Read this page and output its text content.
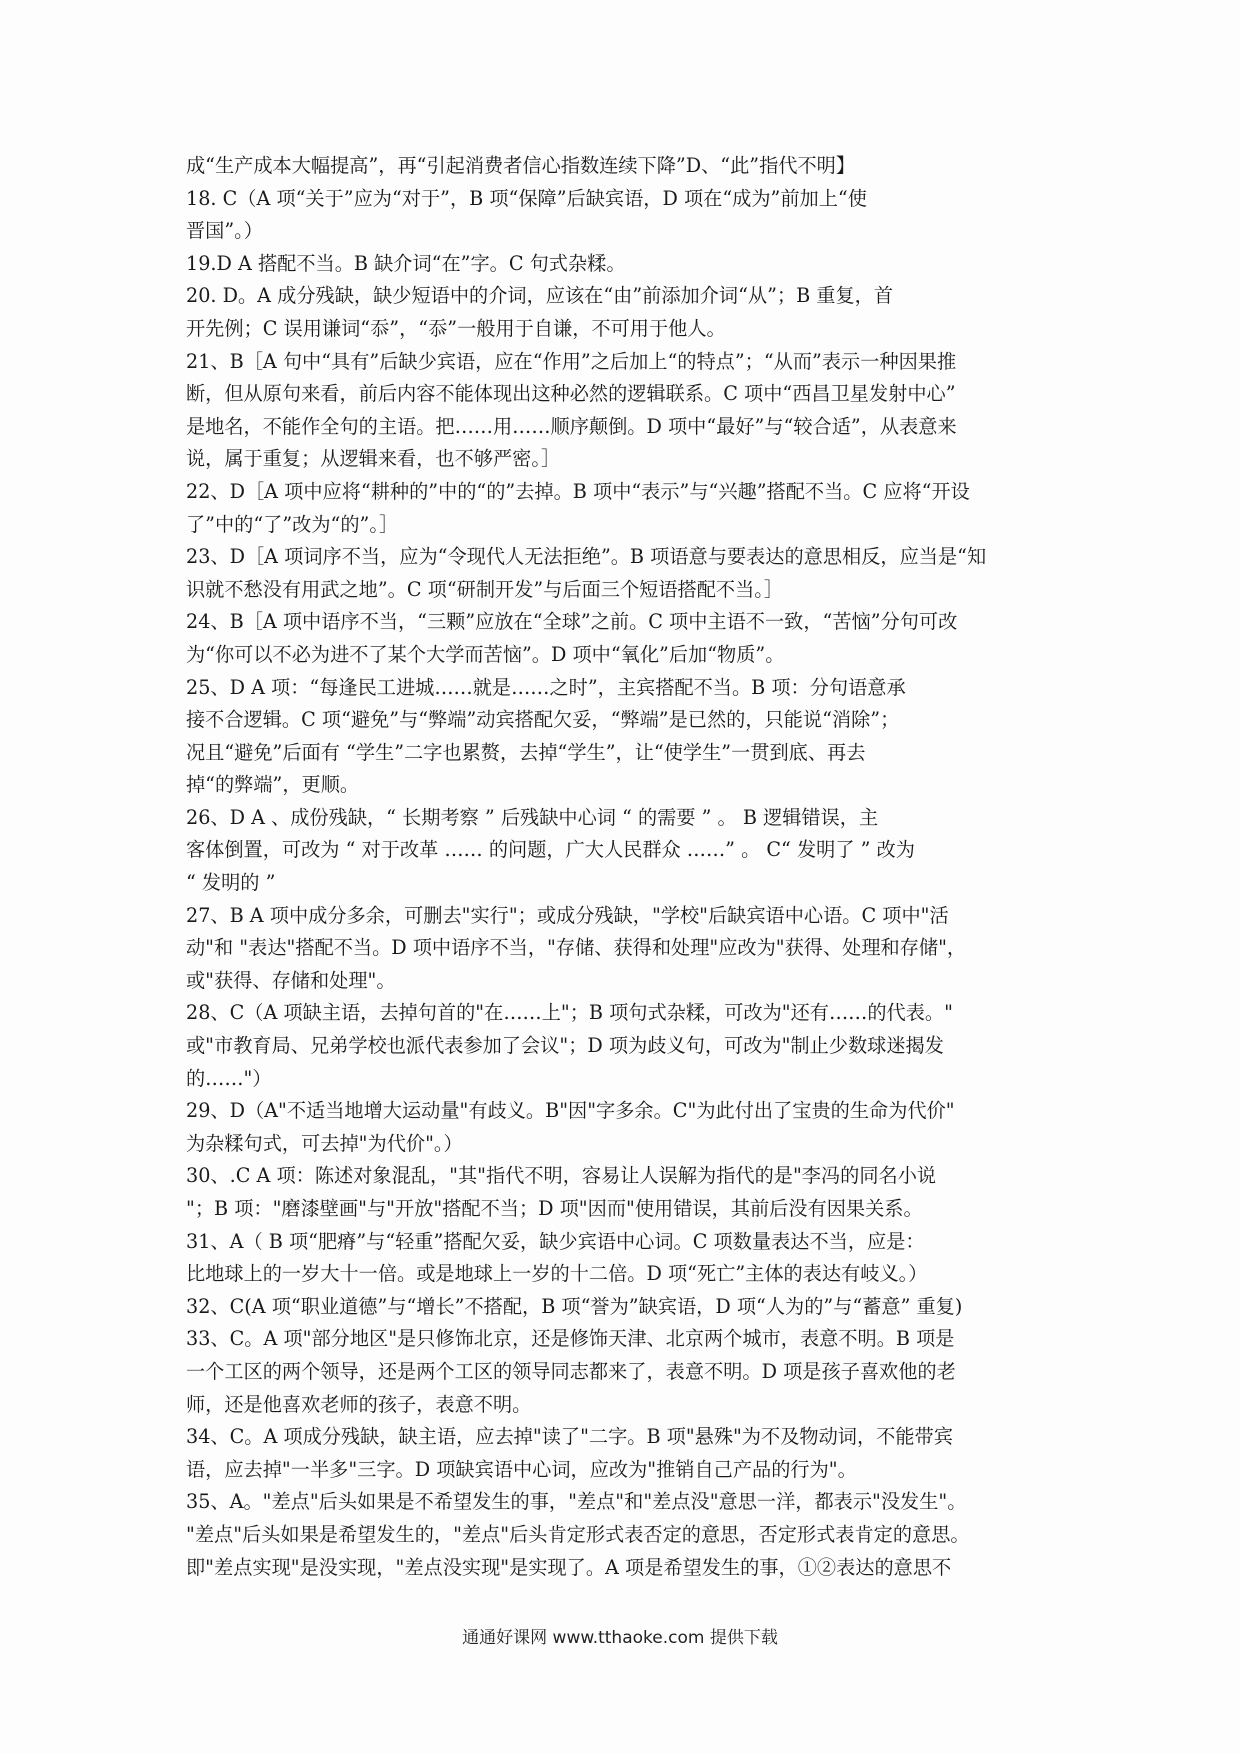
成“生产成本大幅提高”，再“引起消费者信心指数连续下降”D、“此”指代不明】
18. C（A 项“关于”应为“对于”，B 项“保障”后缺宾语，D 项在“成为”前加上“使
晋国”。）
19.D A 搭配不当。B 缺介词“在”字。C 句式杂糅。
20. D。A 成分残缺，缺少短语中的介词，应该在“由”前添加介词“从”；B 重复，首
开先例；C 误用谦词“忝”，“忝”一般用于自谦，不可用于他人。
21、B［A 句中“具有”后缺少宾语，应在“作用”之后加上“的特点”；“从而”表示一种因果推
断，但从原句来看，前后内容不能体现出这种必然的逻辑联系。C 项中“西昌卫星发射中心”
是地名，不能作全句的主语。把……用……顺序颠倒。D 项中“最好”与“较合适”，从表意来
说，属于重复；从逻辑来看，也不够严密。］
22、D［A 项中应将“耕种的”中的“的”去掉。B 项中“表示”与“兴趣”搭配不当。C 应将“开设
了”中的“了”改为“的”。］
23、D［A 项词序不当，应为“令现代人无法拒绝”。B 项语意与要表达的意思相反，应当是“知
识就不愁没有用武之地”。C 项“研制开发”与后面三个短语搭配不当。］
24、B［A 项中语序不当，“三颗”应放在“全球”之前。C 项中主语不一致，“苦恼”分句可改
为“你可以不必为进不了某个大学而苦恼”。D 项中“氧化”后加“物质”。
25、D A 项：“每逢民工进城……就是……之时”，主宾搭配不当。B 项：分句语意承
接不合逻辑。C 项“避免”与“弊端”动宾搭配欠妥，“弊端”是已然的，只能说“消除”；
况且“避免”后面有 “学生”二字也累赘，去掉“学生”，让“使学生”一贯到底、再去
掉“的弊端”，更顺。
26、D A 、成份残缺，“ 长期考察 ” 后残缺中心词 “ 的需要 ” 。 B 逻辑错误，主
客体倒置，可改为 “ 对于改革 …… 的问题，广大人民群众 ……” 。 C“ 发明了 ” 改为
“ 发明的 ”
27、B A 项中成分多余，可删去"实行"；或成分残缺，"学校"后缺宾语中心语。C 项中"活
动"和 "表达"搭配不当。D 项中语序不当，"存储、获得和处理"应改为"获得、处理和存储"，
或"获得、存储和处理"。
28、C（A 项缺主语，去掉句首的"在……上"；B 项句式杂糅，可改为"还有……的代表。"
或"市教育局、兄弟学校也派代表参加了会议"；D 项为歧义句，可改为"制止少数球迷揭发
的……"）
29、D（A"不适当地增大运动量"有歧义。B"因"字多余。C"为此付出了宝贵的生命为代价"
为杂糅句式，可去掉"为代价"。）
30、.C A 项：陈述对象混乱，"其"指代不明，容易让人误解为指代的是"李冯的同名小说
"；B 项："磨漆壁画"与"开放"搭配不当；D 项"因而"使用错误，其前后没有因果关系。
31、A（ B 项“肥瘠”与“轻重”搭配欠妥，缺少宾语中心词。C 项数量表达不当，应是：
比地球上的一岁大十一倍。或是地球上一岁的十二倍。D 项“死亡”主体的表达有岐义。）
32、C(A 项“职业道德”与“增长”不搭配，B 项“誉为”缺宾语，D 项“人为的”与“蓄意” 重复)
33、C。A 项"部分地区"是只修饰北京，还是修饰天津、北京两个城市，表意不明。B 项是
一个工区的两个领导，还是两个工区的领导同志都来了，表意不明。D 项是孩子喜欢他的老
师，还是他喜欢老师的孩子，表意不明。
34、C。A 项成分残缺，缺主语，应去掉"读了"二字。B 项"悬殊"为不及物动词，不能带宾
语，应去掉"一半多"三字。D 项缺宾语中心词，应改为"推销自己产品的行为"。
35、A。"差点"后头如果是不希望发生的事，"差点"和"差点没"意思一洋，都表示"没发生"。
"差点"后头如果是希望发生的，"差点"后头肯定形式表否定的意思，否定形式表肯定的意思。
即"差点实现"是没实现，"差点没实现"是实现了。A 项是希望发生的事，①②表达的意思不
通通好课网 www.tthaoke.com 提供下载
